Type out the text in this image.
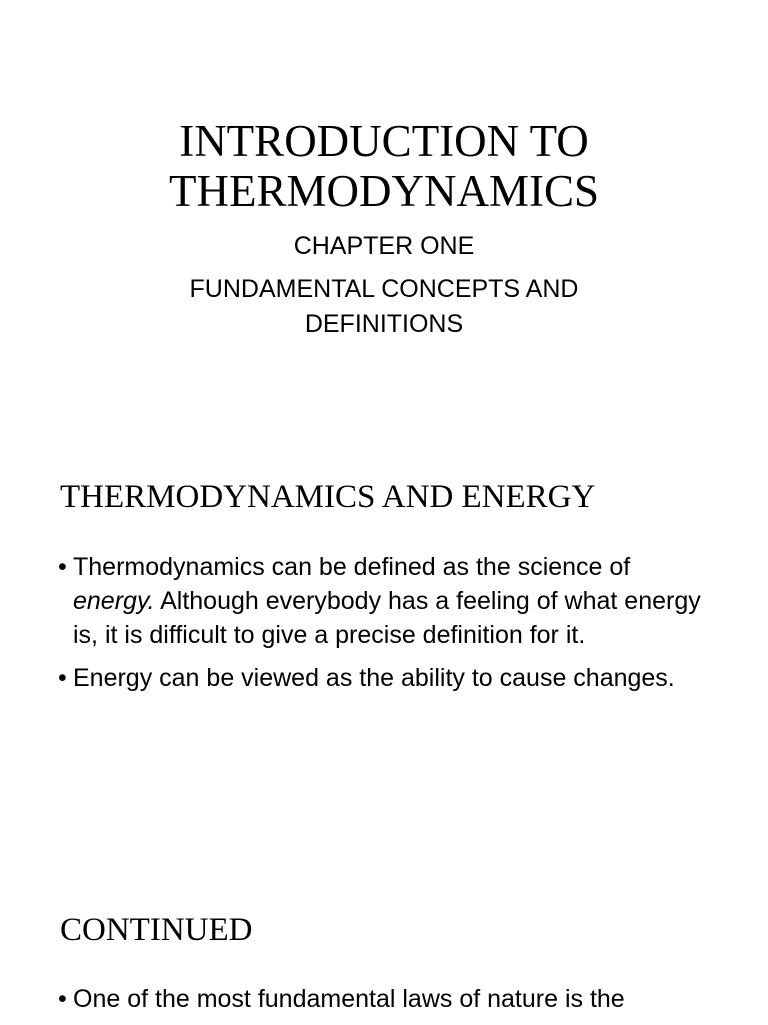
INTRODUCTION TO
THERMODYNAMICS

CHAPTER ONE

FUNDAMENTAL CONCEPTS AND
DEFINITIONS

THERMODYNAMICS AND ENERGY
• Thermodynamics can be defined as the science of energy. Although everybody has a feeling of what energy is, it is difficult to give a precise definition for it.
• Energy can be viewed as the ability to cause changes.
CONTINUED
• One of the most fundamental laws of nature is the
